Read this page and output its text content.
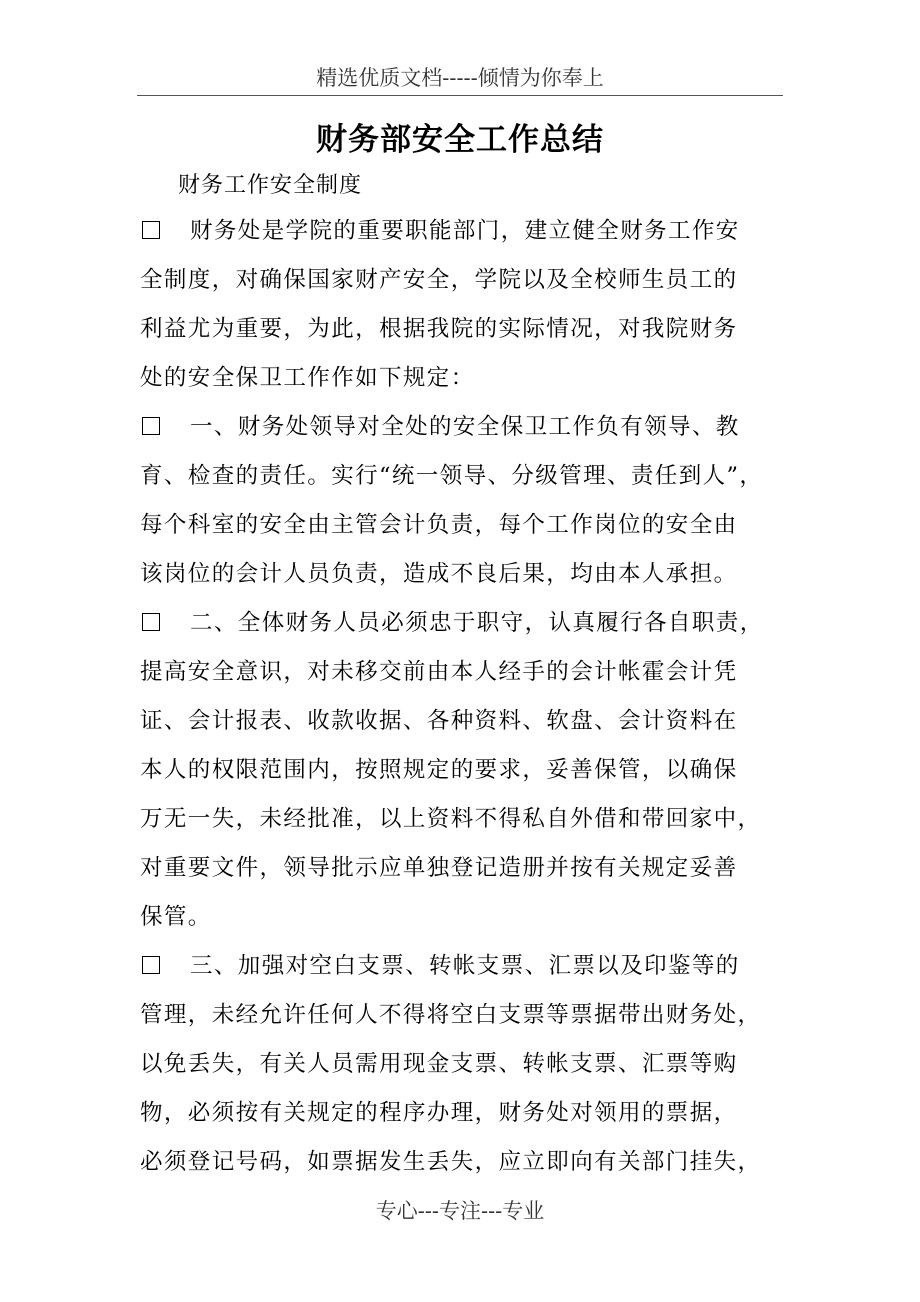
精选优质文档-----倾情为你奉上
财务部安全工作总结
财务工作安全制度
财务处是学院的重要职能部门，建立健全财务工作安
全制度，对确保国家财产安全，学院以及全校师生员工的
利益尤为重要，为此，根据我院的实际情况，对我院财务
处的安全保卫工作作如下规定：
一、财务处领导对全处的安全保卫工作负有领导、教
育、检查的责任。实行“统一领导、分级管理、责任到人”，
每个科室的安全由主管会计负责，每个工作岗位的安全由
该岗位的会计人员负责，造成不良后果，均由本人承担。
二、全体财务人员必须忠于职守，认真履行各自职责，
提高安全意识，对未移交前由本人经手的会计帐霍会计凭
证、会计报表、收款收据、各种资料、软盘、会计资料在
本人的权限范围内，按照规定的要求，妥善保管，以确保
万无一失，未经批准，以上资料不得私自外借和带回家中，
对重要文件，领导批示应单独登记造册并按有关规定妥善
保管。
三、加强对空白支票、转帐支票、汇票以及印鉴等的
管理，未经允许任何人不得将空白支票等票据带出财务处，
以免丢失，有关人员需用现金支票、转帐支票、汇票等购
物，必须按有关规定的程序办理，财务处对领用的票据，
必须登记号码，如票据发生丢失，应立即向有关部门挂失，
专心---专注---专业
